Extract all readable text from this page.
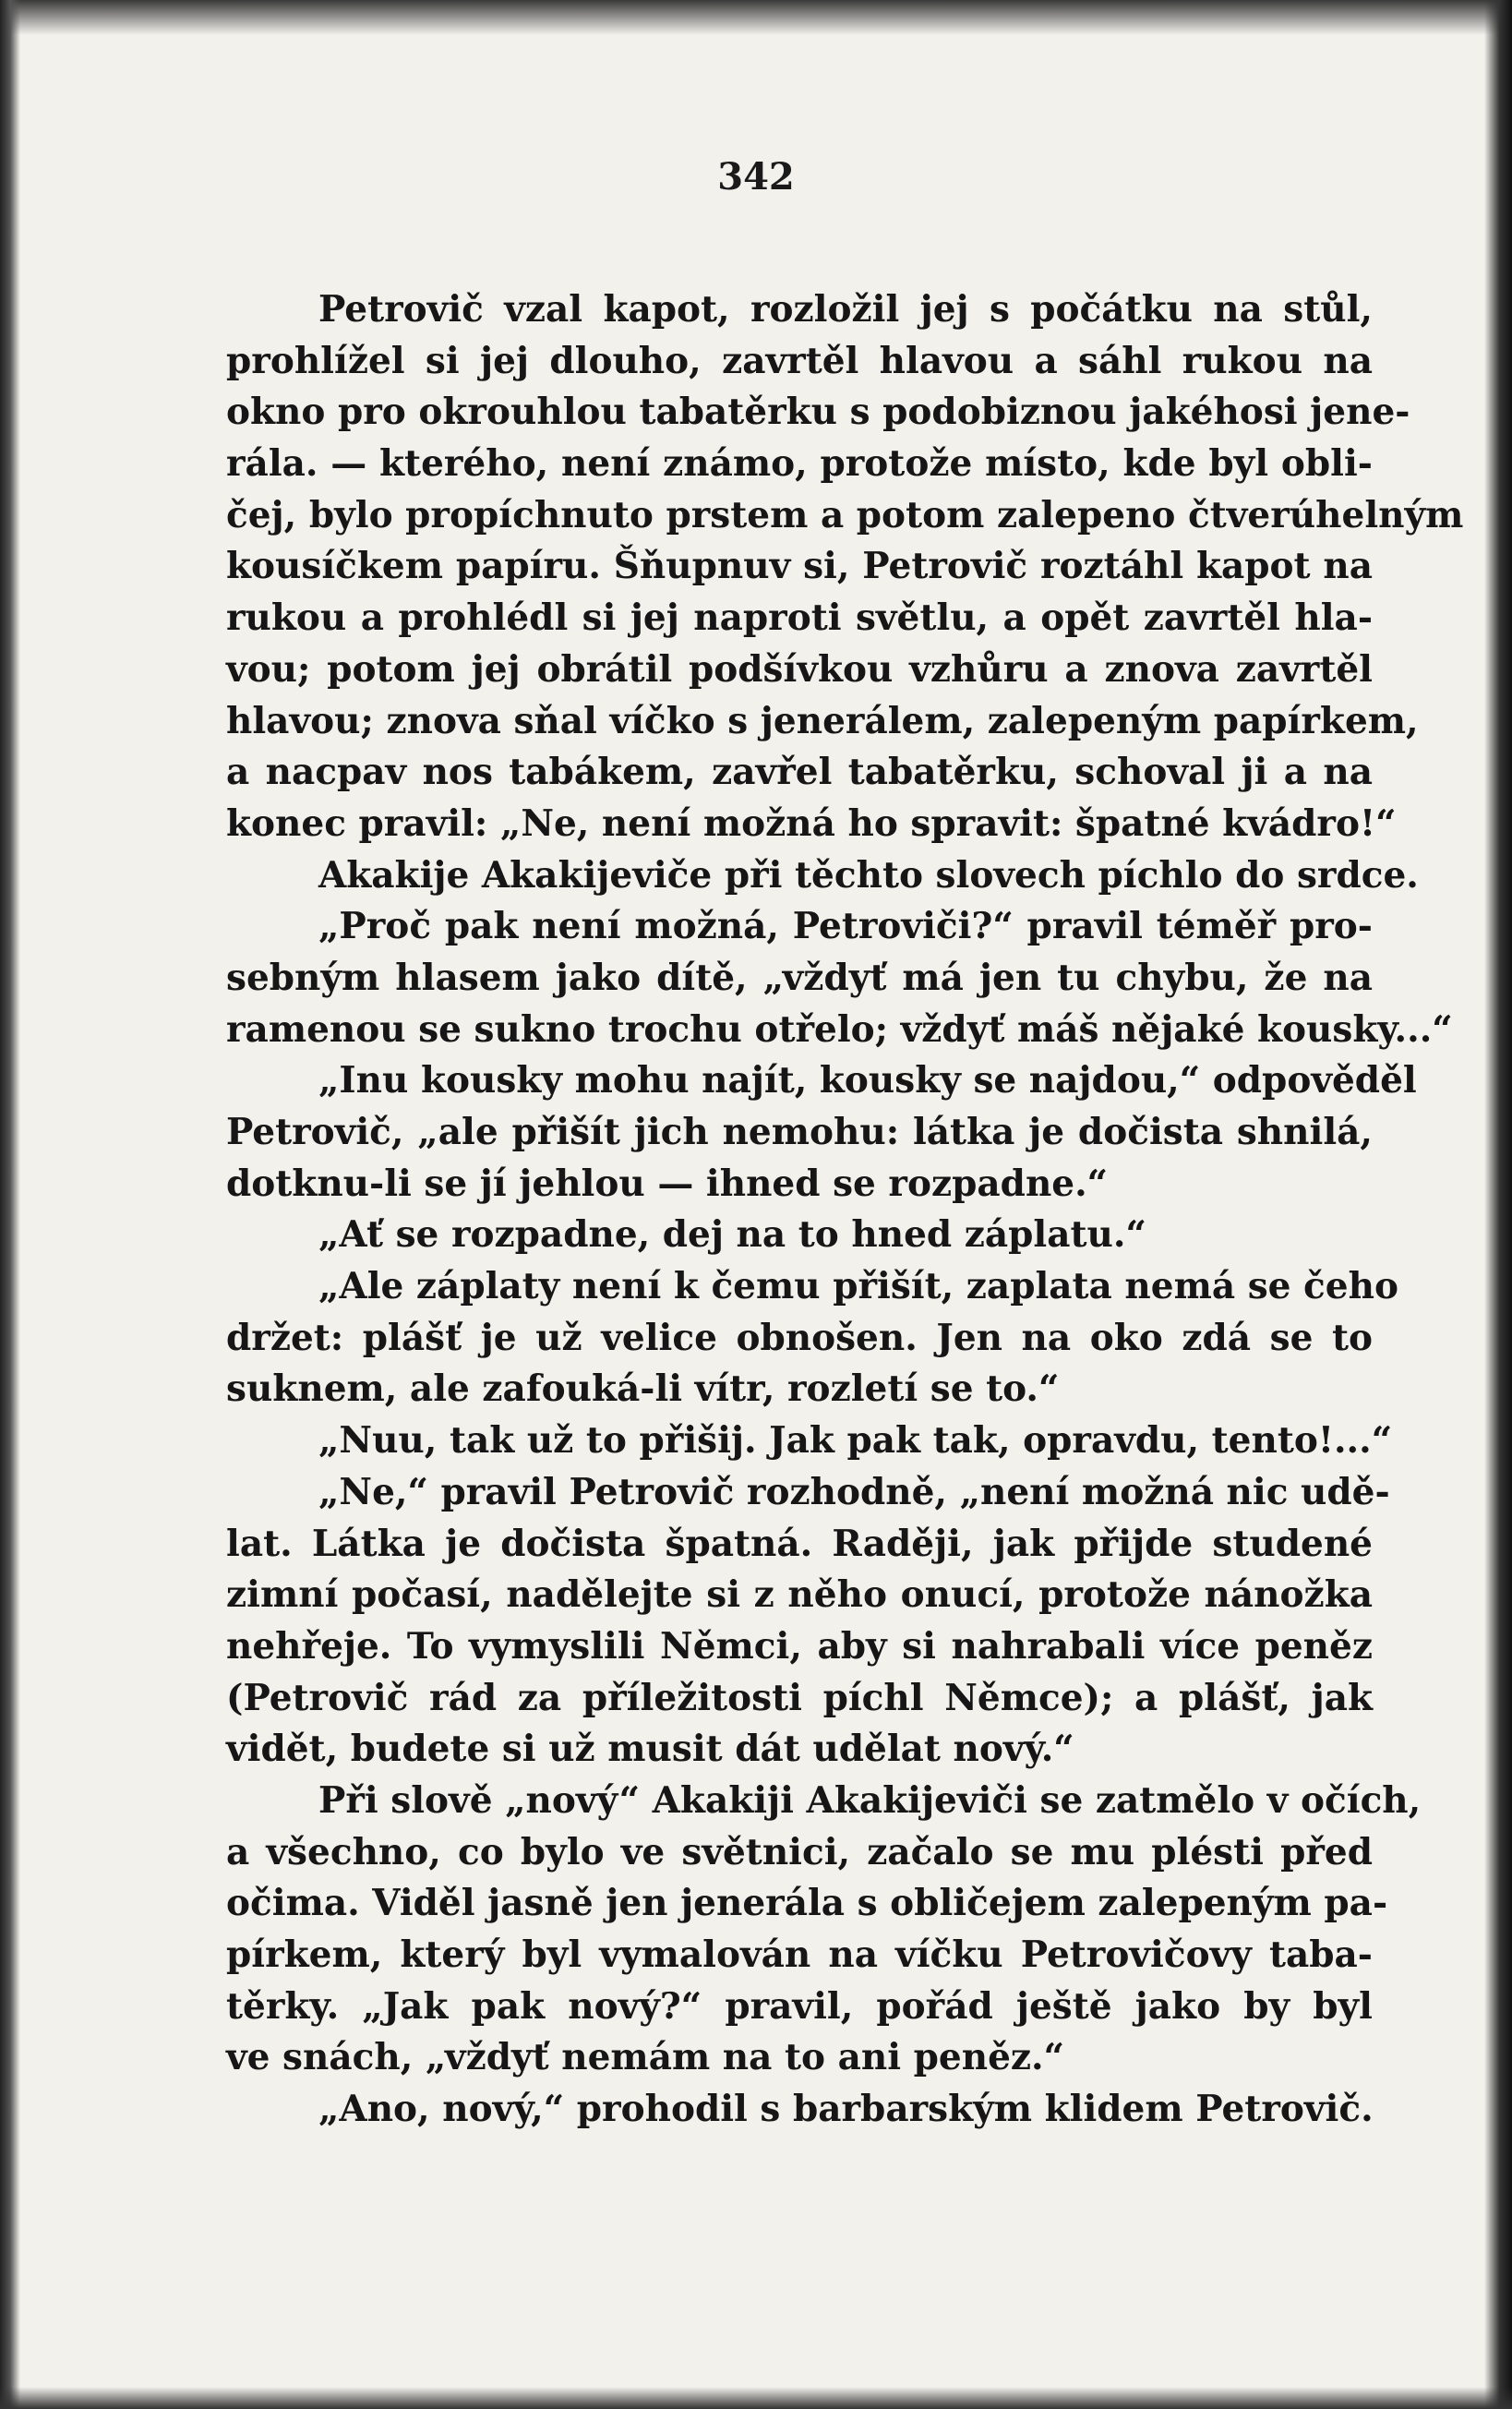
342
Petrovič vzal kapot, rozložil jej s počátku na stůl,
prohlížel si jej dlouho, zavrtěl hlavou a sáhl rukou na
okno pro okrouhlou tabatěrku s podobiznou jakéhosi jene-
rála. — kterého, není známo, protože místo, kde byl obli-
čej, bylo propíchnuto prstem a potom zalepeno čtverúhelným
kousíčkem papíru. Šňupnuv si, Petrovič roztáhl kapot na
rukou a prohlédl si jej naproti světlu, a opět zavrtěl hla-
vou; potom jej obrátil podšívkou vzhůru a znova zavrtěl
hlavou; znova sňal víčko s jenerálem, zalepeným papírkem,
a nacpav nos tabákem, zavřel tabatěrku, schoval ji a na
konec pravil: „Ne, není možná ho spravit: špatné kvádro!“
Akakije Akakijeviče při těchto slovech píchlo do srdce.
„Proč pak není možná, Petroviči?“ pravil téměř pro-
sebným hlasem jako dítě, „vždyť má jen tu chybu, že na
ramenou se sukno trochu otřelo; vždyť máš nějaké kousky...“
„Inu kousky mohu najít, kousky se najdou,“ odpověděl
Petrovič, „ale přišít jich nemohu: látka je dočista shnilá,
dotknu-li se jí jehlou — ihned se rozpadne.“
„Ať se rozpadne, dej na to hned záplatu.“
„Ale záplaty není k čemu přišít, zaplata nemá se čeho
držet: plášť je už velice obnošen. Jen na oko zdá se to
suknem, ale zafouká-li vítr, rozletí se to.“
„Nuu, tak už to přišij. Jak pak tak, opravdu, tento!...“
„Ne,“ pravil Petrovič rozhodně, „není možná nic udě-
lat. Látka je dočista špatná. Raději, jak přijde studené
zimní počasí, nadělejte si z něho onucí, protože nánožka
nehřeje. To vymyslili Němci, aby si nahrabali více peněz
(Petrovič rád za příležitosti píchl Němce); a plášť, jak
vidět, budete si už musit dát udělat nový.“
Při slově „nový“ Akakiji Akakijeviči se zatmělo v očích,
a všechno, co bylo ve světnici, začalo se mu plésti před
očima. Viděl jasně jen jenerála s obličejem zalepeným pa-
pírkem, který byl vymalován na víčku Petrovičovy taba-
těrky. „Jak pak nový?“ pravil, pořád ještě jako by byl
ve snách, „vždyť nemám na to ani peněz.“
„Ano, nový,“ prohodil s barbarským klidem Petrovič.
